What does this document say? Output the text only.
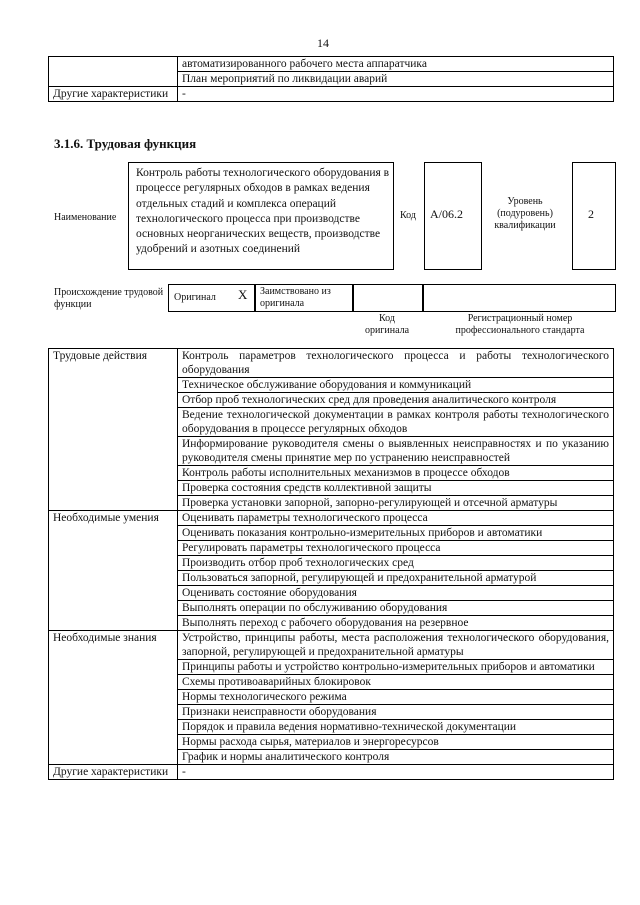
14
	автоматизированного рабочего места аппаратчика
	План мероприятий по ликвидации аварий
Другие характеристики	-
3.1.6. Трудовая функция
Наименование
Контроль работы технологического оборудования в процессе регулярных обходов в рамках ведения отдельных стадий и комплекса операций технологического процесса при производстве основных неорганических веществ, производстве удобрений и азотных соединений
Код А/06.2
Уровень (подуровень) квалификации
2
Происхождение трудовой функции
Оригинал Х Заимствовано из оригинала
Код оригинала
Регистрационный номер профессионального стандарта
Трудовые действия	Контроль параметров технологического процесса и работы технологического оборудования
	Техническое обслуживание оборудования и коммуникаций
	Отбор проб технологических сред для проведения аналитического контроля
	Ведение технологической документации в рамках контроля работы технологического оборудования в процессе регулярных обходов
	Информирование руководителя смены о выявленных неисправностях и по указанию руководителя смены принятие мер по устранению неисправностей
	Контроль работы исполнительных механизмов в процессе обходов
	Проверка состояния средств коллективной защиты
	Проверка установки запорной, запорно-регулирующей и отсечной арматуры
Необходимые умения	Оценивать параметры технологического процесса
	Оценивать показания контрольно-измерительных приборов и автоматики
	Регулировать параметры технологического процесса
	Производить отбор проб технологических сред
	Пользоваться запорной, регулирующей и предохранительной арматурой
	Оценивать состояние оборудования
	Выполнять операции по обслуживанию оборудования
	Выполнять переход с рабочего оборудования на резервное
Необходимые знания	Устройство, принципы работы, места расположения технологического оборудования, запорной, регулирующей и предохранительной арматуры
	Принципы работы и устройство контрольно-измерительных приборов и автоматики
	Схемы противоаварийных блокировок
	Нормы технологического режима
	Признаки неисправности оборудования
	Порядок и правила ведения нормативно-технической документации
	Нормы расхода сырья, материалов и энергоресурсов
	График и нормы аналитического контроля
Другие характеристики	-
